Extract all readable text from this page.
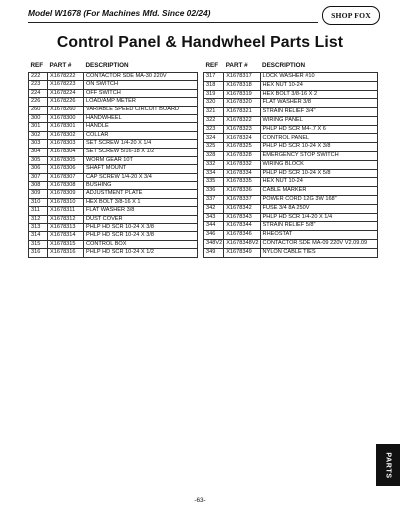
Model W1678 (For Machines Mfd. Since 02/24)	SHOP FOX
Control Panel & Handwheel Parts List
REF	PART #	DESCRIPTION
222	X1678222	CONTACTOR SDE MA-30 220V
223	X1678223	ON SWITCH
224	X1678224	OFF SWITCH
226	X1678226	LOAD/AMP METER
260	X1678260	VARIABLE SPEED CIRCUIT BOARD
300	X1678300	HANDWHEEL
301	X1678301	HANDLE
302	X1678302	COLLAR
303	X1678303	SET SCREW 1/4-20 X 1/4
304	X1678304	SET SCREW 5/16-18 X 1/2
305	X1678305	WORM GEAR 10T
306	X1678306	SHAFT MOUNT
307	X1678307	CAP SCREW 1/4-20 X 3/4
308	X1678308	BUSHING
309	X1678309	ADJUSTMENT PLATE
310	X1678310	HEX BOLT 3/8-16 X 1
311	X1678311	FLAT WASHER 3/8
312	X1678312	DUST COVER
313	X1678313	PHLP HD SCR 10-24 X 3/8
314	X1678314	PHLP HD SCR 10-24 X 3/8
315	X1678315	CONTROL BOX
316	X1678316	PHLP HD SCR 10-24 X 1/2
REF	PART #	DESCRIPTION
317	X1678317	LOCK WASHER #10
318	X1678318	HEX NUT 10-24
319	X1678319	HEX BOLT 3/8-16 X 2
320	X1678320	FLAT WASHER 3/8
321	X1678321	STRAIN RELIEF 3/4"
322	X1678322	WIRING PANEL
323	X1678323	PHLP HD SCR M4-.7 X 6
324	X1678324	CONTROL PANEL
325	X1678325	PHLP HD SCR 10-24 X 3/8
328	X1678328	EMERGENCY STOP SWITCH
332	X1678332	WIRING BLOCK
334	X1678334	PHLP HD SCR 10-24 X 5/8
335	X1678335	HEX NUT 10-24
336	X1678336	CABLE MARKER
337	X1678337	POWER CORD 12G 3W 168"
342	X1678342	FUSE 3/4 8A 250V
343	X1678343	PHLP HD SCR 1/4-20 X 1/4
344	X1678344	STRAIN RELIEF 5/8"
346	X1678346	RHEOSTAT
348V2	X1678348V2	CONTACTOR SDE MA-09 220V V2.09.09
349	X1678349	NYLON CABLE TIES
PARTS
-63-
